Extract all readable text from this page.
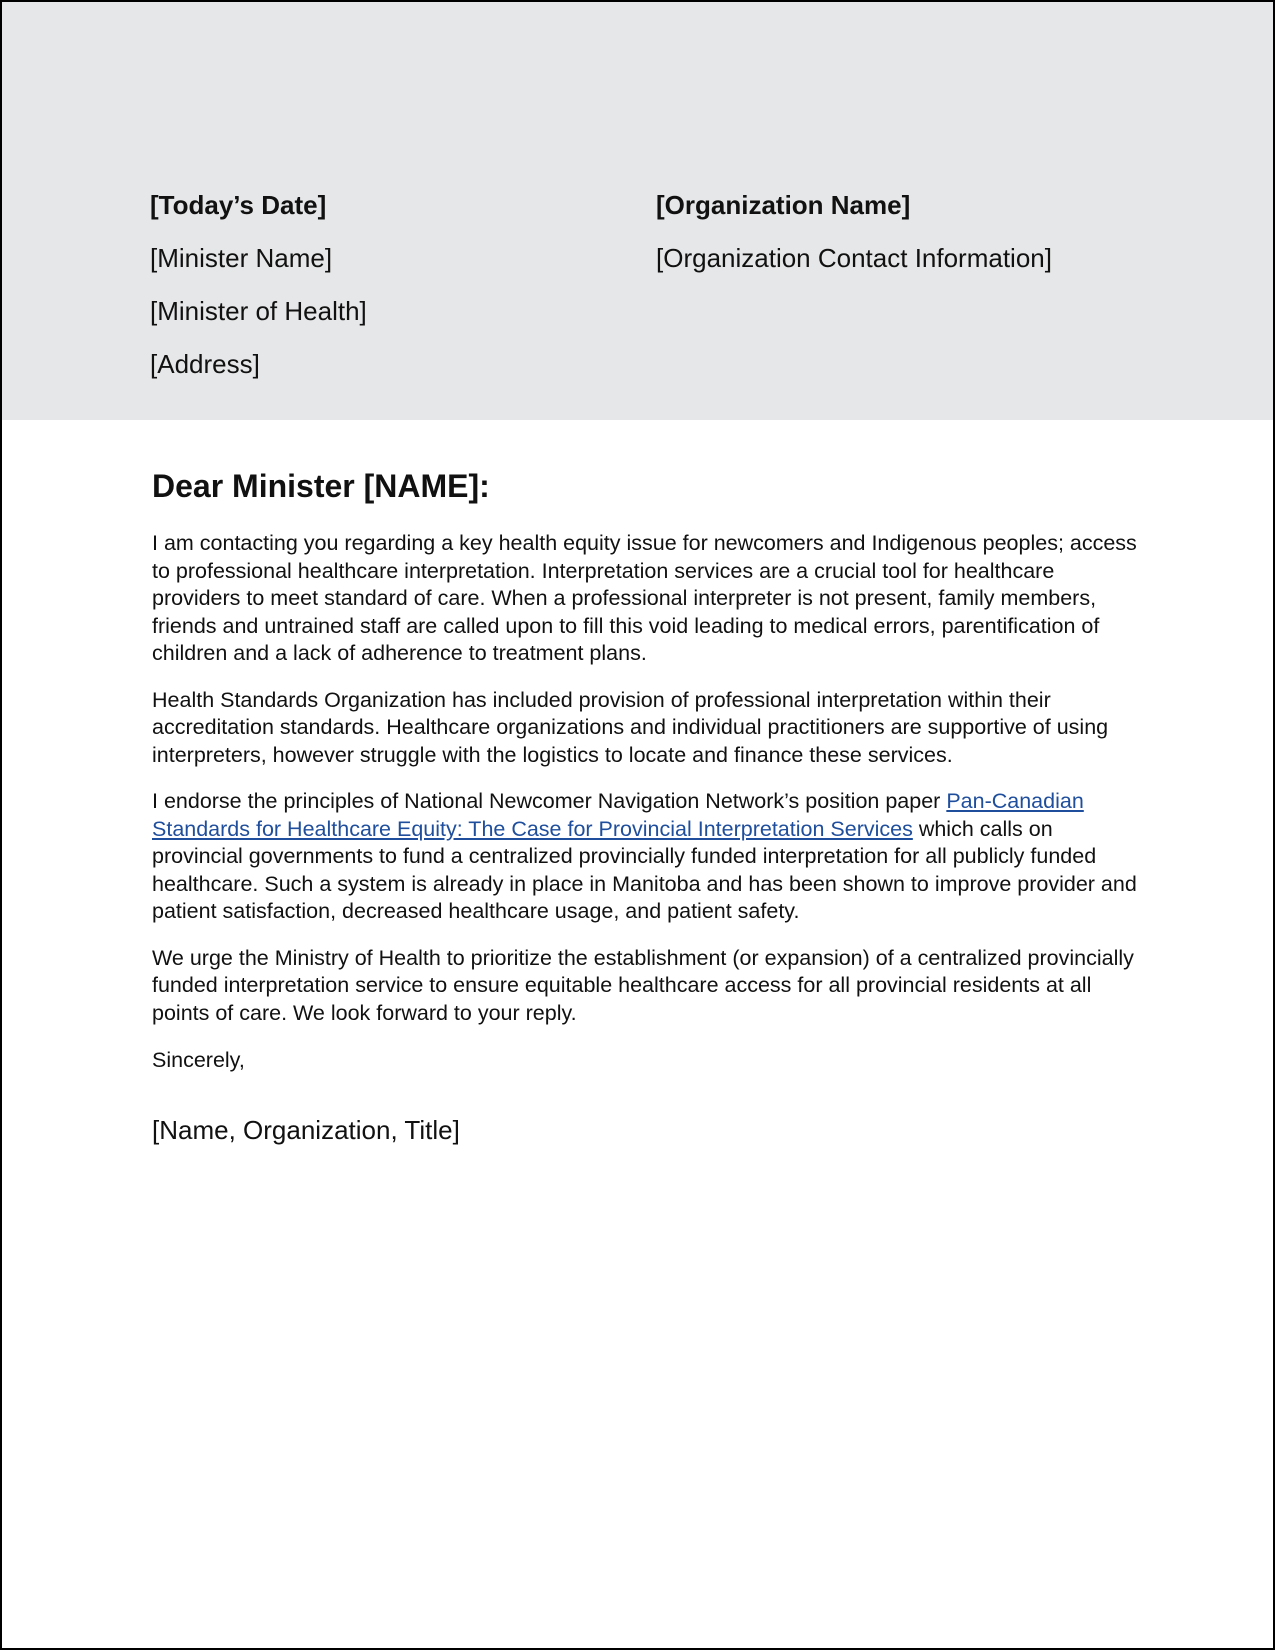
[Today’s Date]

[Minister Name]

[Minister of Health]

[Address]

[Organization Name]

[Organization Contact Information]

Dear Minister [NAME]:

I am contacting you regarding a key health equity issue for newcomers and Indigenous peoples; access to professional healthcare interpretation. Interpretation services are a crucial tool for healthcare providers to meet standard of care. When a professional interpreter is not present, family members, friends and untrained staff are called upon to fill this void leading to medical errors, parentification of children and a lack of adherence to treatment plans.

Health Standards Organization has included provision of professional interpretation within their accreditation standards. Healthcare organizations and individual practitioners are supportive of using interpreters, however struggle with the logistics to locate and finance these services.

I endorse the principles of National Newcomer Navigation Network’s position paper Pan-Canadian Standards for Healthcare Equity: The Case for Provincial Interpretation Services which calls on provincial governments to fund a centralized provincially funded interpretation for all publicly funded healthcare. Such a system is already in place in Manitoba and has been shown to improve provider and patient satisfaction, decreased healthcare usage, and patient safety.

We urge the Ministry of Health to prioritize the establishment (or expansion) of a centralized provincially funded interpretation service to ensure equitable healthcare access for all provincial residents at all points of care. We look forward to your reply.

Sincerely,

[Name, Organization, Title]
